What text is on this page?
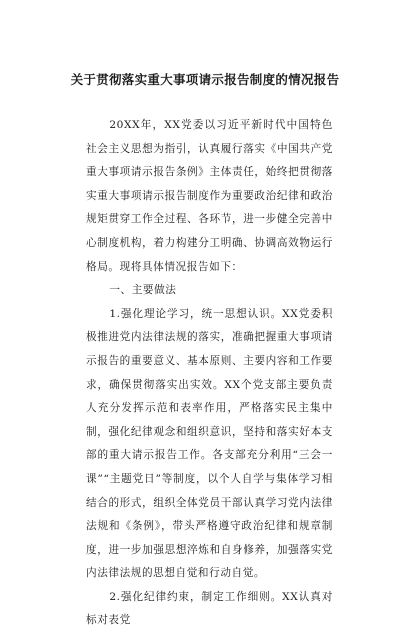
关于贯彻落实重大事项请示报告制度的情况报告

20XX年，XX党委以习近平新时代中国特色社会主义思想为指引，认真履行落实《中国共产党重大事项请示报告条例》主体责任，始终把贯彻落实重大事项请示报告制度作为重要政治纪律和政治规矩贯穿工作全过程、各环节，进一步健全完善中心制度机构，着力构建分工明确、协调高效物运行格局。现将具体情况报告如下：

一、主要做法

1.强化理论学习，统一思想认识。XX党委积极推进党内法律法规的落实，准确把握重大事项请示报告的重要意义、基本原则、主要内容和工作要求，确保贯彻落实出实效。XX个党支部主要负责人充分发挥示范和表率作用，严格落实民主集中制，强化纪律观念和组织意识，坚持和落实好本支部的重大请示报告工作。各支部充分利用“三会一课”“主题党日”等制度，以个人自学与集体学习相结合的形式，组织全体党员干部认真学习党内法律法规和《条例》，带头严格遵守政治纪律和规章制度，进一步加强思想淬炼和自身修养，加强落实党内法律法规的思想自觉和行动自觉。

2.强化纪律约束，制定工作细则。XX认真对标对表党
